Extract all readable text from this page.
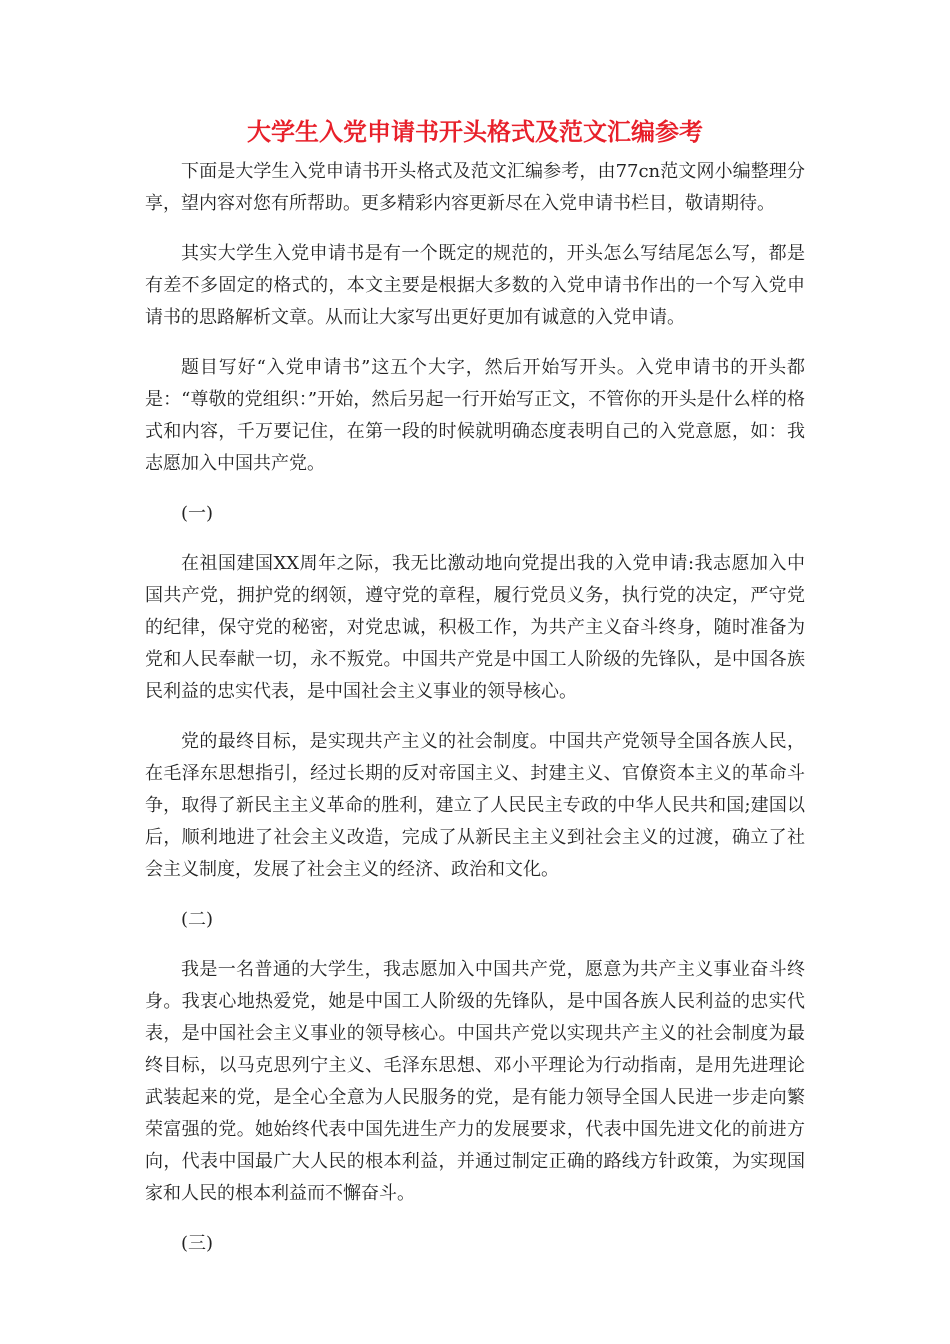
大学生入党申请书开头格式及范文汇编参考

下面是大学生入党申请书开头格式及范文汇编参考，由77cn范文网小编整理分享，望内容对您有所帮助。更多精彩内容更新尽在入党申请书栏目，敬请期待。

其实大学生入党申请书是有一个既定的规范的，开头怎么写结尾怎么写，都是有差不多固定的格式的，本文主要是根据大多数的入党申请书作出的一个写入党申请书的思路解析文章。从而让大家写出更好更加有诚意的入党申请。

题目写好“入党申请书”这五个大字，然后开始写开头。入党申请书的开头都是：“尊敬的党组织：”开始，然后另起一行开始写正文，不管你的开头是什么样的格式和内容，千万要记住，在第一段的时候就明确态度表明自己的入党意愿，如：我志愿加入中国共产党。

(一)

在祖国建国XX周年之际，我无比激动地向党提出我的入党申请:我志愿加入中国共产党，拥护党的纲领，遵守党的章程，履行党员义务，执行党的决定，严守党的纪律，保守党的秘密，对党忠诚，积极工作，为共产主义奋斗终身，随时准备为党和人民奉献一切，永不叛党。中国共产党是中国工人阶级的先锋队，是中国各族民利益的忠实代表，是中国社会主义事业的领导核心。

党的最终目标，是实现共产主义的社会制度。中国共产党领导全国各族人民，在毛泽东思想指引，经过长期的反对帝国主义、封建主义、官僚资本主义的革命斗争，取得了新民主主义革命的胜利，建立了人民民主专政的中华人民共和国;建国以后，顺利地进了社会主义改造，完成了从新民主主义到社会主义的过渡，确立了社会主义制度，发展了社会主义的经济、政治和文化。

(二)

我是一名普通的大学生，我志愿加入中国共产党，愿意为共产主义事业奋斗终身。我衷心地热爱党，她是中国工人阶级的先锋队，是中国各族人民利益的忠实代表，是中国社会主义事业的领导核心。中国共产党以实现共产主义的社会制度为最终目标，以马克思列宁主义、毛泽东思想、邓小平理论为行动指南，是用先进理论武装起来的党，是全心全意为人民服务的党，是有能力领导全国人民进一步走向繁荣富强的党。她始终代表中国先进生产力的发展要求，代表中国先进文化的前进方向，代表中国最广大人民的根本利益，并通过制定正确的路线方针政策，为实现国家和人民的根本利益而不懈奋斗。

(三)
